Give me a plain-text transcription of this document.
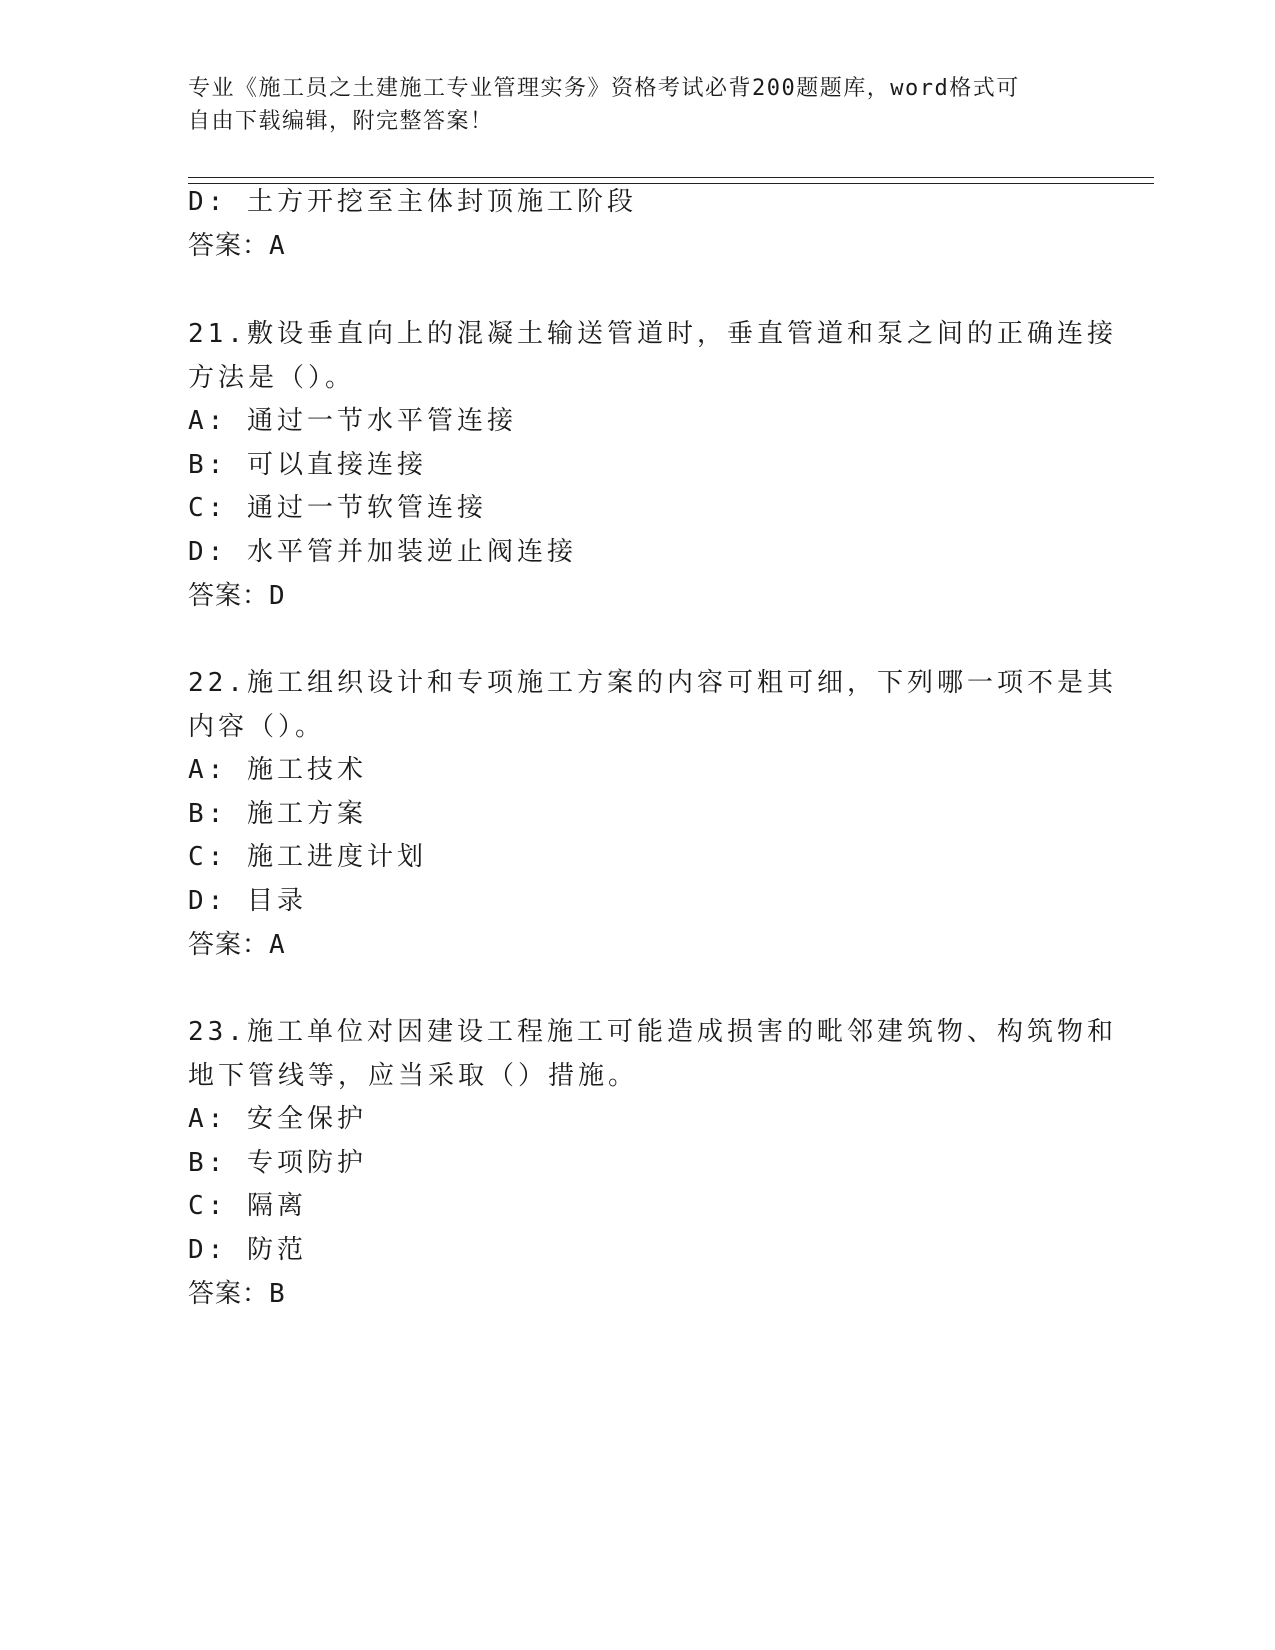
专业《施工员之土建施工专业管理实务》资格考试必背200题题库，word格式可
自由下载编辑，附完整答案！
D: 土方开挖至主体封顶施工阶段
答案：A
21.敷设垂直向上的混凝土输送管道时，垂直管道和泵之间的正确连接
方法是（）。
A: 通过一节水平管连接
B: 可以直接连接
C: 通过一节软管连接
D: 水平管并加装逆止阀连接
答案：D
22.施工组织设计和专项施工方案的内容可粗可细，下列哪一项不是其
内容（）。
A: 施工技术
B: 施工方案
C: 施工进度计划
D: 目录
答案：A
23.施工单位对因建设工程施工可能造成损害的毗邻建筑物、构筑物和
地下管线等，应当采取（）措施。
A: 安全保护
B: 专项防护
C: 隔离
D: 防范
答案：B
